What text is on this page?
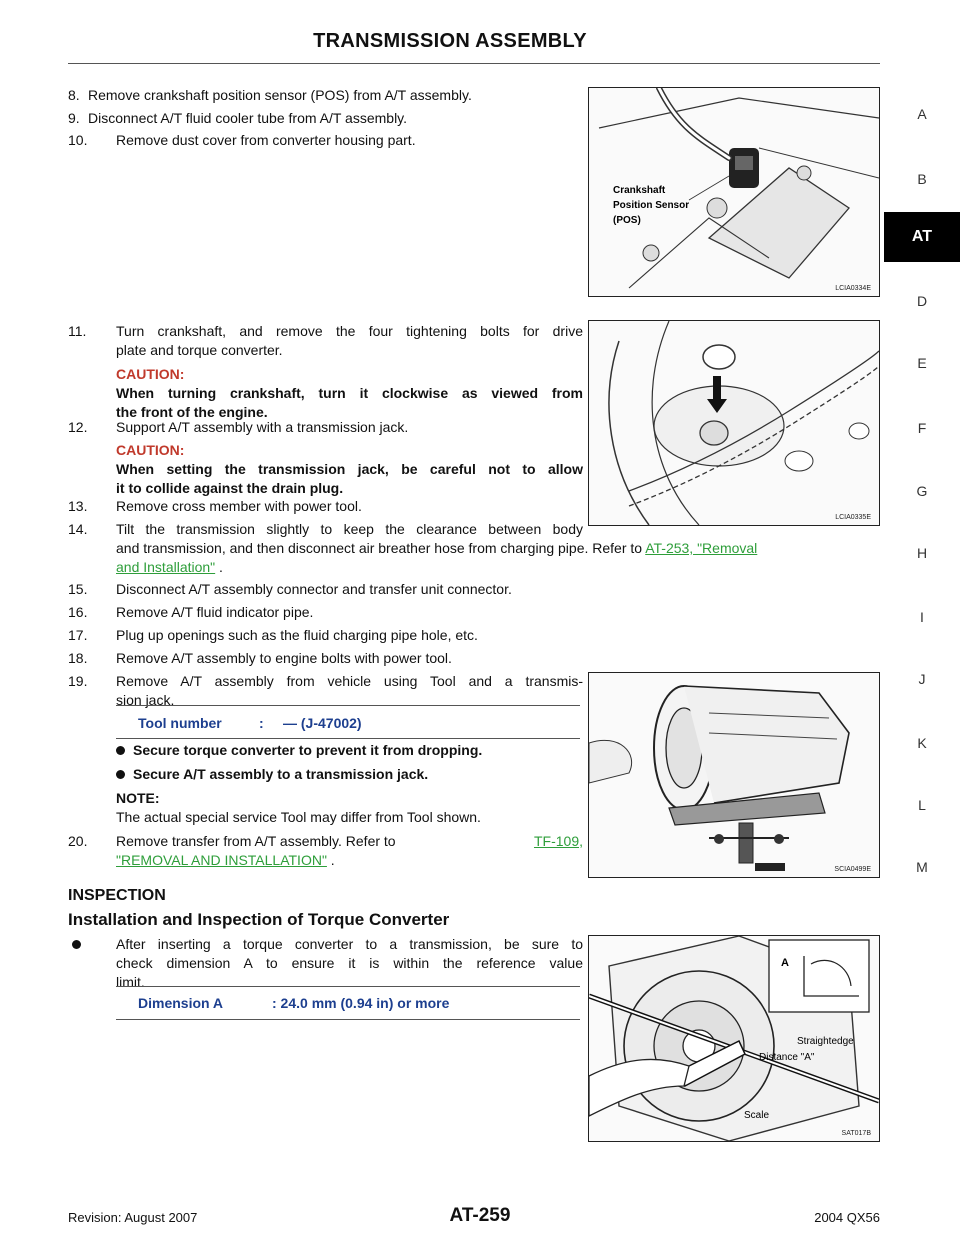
TRANSMISSION ASSEMBLY
A
B
AT
D
E
F
G
H
I
J
K
L
M
8. Remove crankshaft position sensor (POS) from A/T assembly.
9. Disconnect A/T fluid cooler tube from A/T assembly.
10. Remove dust cover from converter housing part.
Crankshaft
Position Sensor
(POS)
LCIA0334E
11. Turn crankshaft, and remove the four tightening bolts for drive
plate and torque converter.
CAUTION:
When turning crankshaft, turn it clockwise as viewed from
the front of the engine.
12. Support A/T assembly with a transmission jack.
CAUTION:
When setting the transmission jack, be careful not to allow
it to collide against the drain plug.
13. Remove cross member with power tool.
LCIA0335E
14. Tilt the transmission slightly to keep the clearance between body
and transmission, and then disconnect air breather hose from charging pipe. Refer to AT-253, "Removal
and Installation" .
15. Disconnect A/T assembly connector and transfer unit connector.
16. Remove A/T fluid indicator pipe.
17. Plug up openings such as the fluid charging pipe hole, etc.
18. Remove A/T assembly to engine bolts with power tool.
19. Remove A/T assembly from vehicle using Tool and a transmis-
sion jack.
Tool number	: — (J-47002)
Secure torque converter to prevent it from dropping.
Secure A/T assembly to a transmission jack.
NOTE:
The actual special service Tool may differ from Tool shown.
20. Remove transfer from A/T assembly. Refer to	TF-109,
"REMOVAL AND INSTALLATION" .
SCIA0499E
INSPECTION
Installation and Inspection of Torque Converter
After inserting a torque converter to a transmission, be sure to
check dimension A to ensure it is within the reference value
limit.
Dimension A	: 24.0 mm (0.94 in) or more
A
Straightedge
Distance "A"
Scale
SAT017B
Revision: August 2007	AT-259	2004 QX56
